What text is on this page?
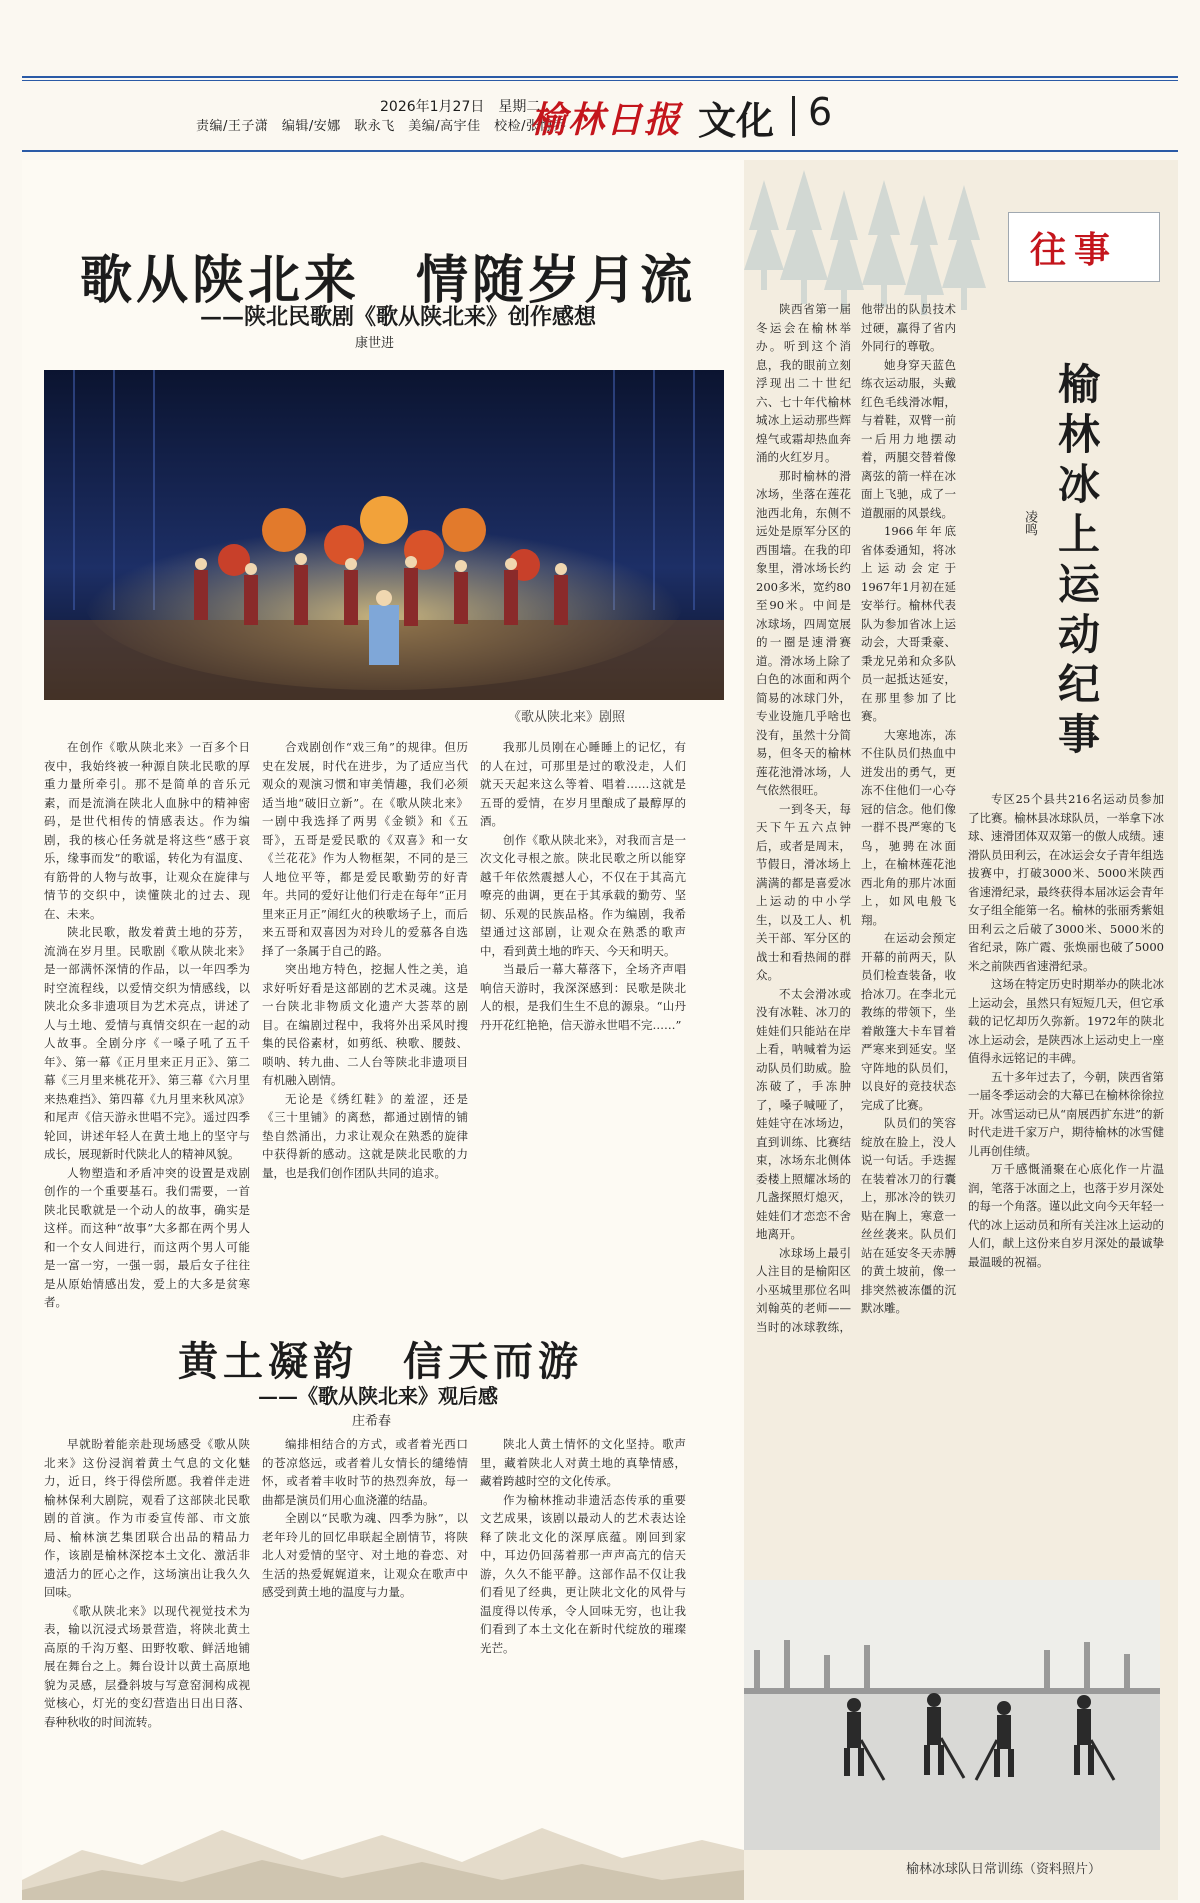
2026年1月27日　星期二
责编/王子潇　编辑/安娜　耿永飞　美编/高宇佳　校检/张博乔
榆林日报 文化 6
歌从陕北来　情随岁月流
——陕北民歌剧《歌从陕北来》创作感想
康世进
《歌从陕北来》剧照

在创作《歌从陕北来》一百多个日夜中，我始终被一种源自陕北民歌的厚重力量所牵引。那不是简单的音乐元素，而是流淌在陕北人血脉中的精神密码，是世代相传的情感表达。作为编剧，我的核心任务就是将这些“感于哀乐，缘事而发”的歌谣，转化为有温度、有筋骨的人物与故事，让观众在旋律与情节的交织中，读懂陕北的过去、现在、未来。

陕北民歌，散发着黄土地的芬芳，流淌在岁月里。民歌剧《歌从陕北来》是一部满怀深情的作品，以一年四季为时空流程线，以爱情交织为情感线，以陕北众多非遗项目为艺术亮点，讲述了人与土地、爱情与真情交织在一起的动人故事。全剧分序《一嗓子吼了五千年》、第一幕《正月里来正月正》、第二幕《三月里来桃花开》、第三幕《六月里来热难挡》、第四幕《九月里来秋风凉》和尾声《信天游永世唱不完》。遥过四季轮回，讲述年轻人在黄土地上的坚守与成长，展现新时代陕北人的精神风貌。

人物塑造和矛盾冲突的设置是戏剧创作的一个重要基石。我们需要，一首陕北民歌就是一个动人的故事，确实是这样。而这种“故事”大多都在两个男人和一个女人间进行，而这两个男人可能是一富一穷，一强一弱，最后女子往往是从原始情感出发，爱上的大多是贫寒者。

合戏剧创作“戏三角”的规律。但历史在发展，时代在进步，为了适应当代观众的观演习惯和审美情趣，我们必须适当地“破旧立新”。在《歌从陕北来》一剧中我选择了两男《金锁》和《五哥》，五哥是爱民歌的《双喜》和一女《兰花花》作为人物框架，不同的是三人地位平等，都是爱民歌勤劳的好青年。共同的爱好让他们行走在每年“正月里来正月正”闹红火的秧歌场子上，而后来五哥和双喜因为对玲儿的爱慕各自选择了一条属于自己的路。

突出地方特色，挖掘人性之美，追求好听好看是这部剧的艺术灵魂。这是一台陕北非物质文化遗产大荟萃的剧目。在编剧过程中，我将外出采风时搜集的民俗素材，如剪纸、秧歌、腰鼓、唢呐、转九曲、二人台等陕北非遗项目有机融入剧情。

无论是《绣红鞋》的羞涩，还是《三十里铺》的离愁，都通过剧情的铺垫自然涌出，力求让观众在熟悉的旋律中获得新的感动。这就是陕北民歌的力量，也是我们创作团队共同的追求。

我那儿员刚在心睡睡上的记忆，有的人在过，可那里是过的歌没走，人们就天天起来这么等着、唱着……这就是五哥的爱情，在岁月里酿成了最醇厚的酒。

创作《歌从陕北来》，对我而言是一次文化寻根之旅。陕北民歌之所以能穿越千年依然震撼人心，不仅在于其高亢嘹亮的曲调，更在于其承载的勤劳、坚韧、乐观的民族品格。作为编剧，我希望通过这部剧，让观众在熟悉的歌声中，看到黄土地的昨天、今天和明天。

当最后一幕大幕落下，全场齐声唱响信天游时，我深深感到：民歌是陕北人的根，是我们生生不息的源泉。“山丹丹开花红艳艳，信天游永世唱不完……”

黄土凝韵　信天而游
——《歌从陕北来》观后感
庄希春

早就盼着能亲赴现场感受《歌从陕北来》这份浸润着黄土气息的文化魅力，近日，终于得偿所愿。我着伴走进榆林保利大剧院，观看了这部陕北民歌剧的首演。作为市委宣传部、市文旅局、榆林演艺集团联合出品的精品力作，该剧是榆林深挖本土文化、激活非遗活力的匠心之作，这场演出让我久久回味。

《歌从陕北来》以现代视觉技术为表，输以沉浸式场景营造，将陕北黄土高原的千沟万壑、田野牧歌、鲜活地铺展在舞台之上。舞台设计以黄土高原地貌为灵感，层叠斜坡与写意窑洞构成视觉核心，灯光的变幻营造出日出日落、春种秋收的时间流转。

编排相结合的方式，或者着光西口的苍凉悠远，或者着儿女情长的缱绻情怀，或者着丰收时节的热烈奔放，每一曲都是演员们用心血浇灌的结晶。

全剧以“民歌为魂、四季为脉”，以老年玲儿的回忆串联起全剧情节，将陕北人对爱情的坚守、对土地的眷恋、对生活的热爱娓娓道来，让观众在歌声中感受到黄土地的温度与力量。

陕北人黄土情怀的文化坚持。歌声里，藏着陕北人对黄土地的真挚情感，藏着跨越时空的文化传承。

作为榆林推动非遗活态传承的重要文艺成果，该剧以最动人的艺术表达诠释了陕北文化的深厚底蕴。刚回到家中，耳边仍回荡着那一声声高亢的信天游，久久不能平静。这部作品不仅让我们看见了经典，更让陕北文化的风骨与温度得以传承，令人回味无穷，也让我们看到了本土文化在新时代绽放的璀璨光芒。

往事
榆林冰上运动纪事
凌鸣

陕西省第一届冬运会在榆林举办。听到这个消息，我的眼前立刻浮现出二十世纪六、七十年代榆林城冰上运动那些辉煌气或霜却热血奔涌的火红岁月。

那时榆林的滑冰场，坐落在莲花池西北角，东侧不远处是原军分区的西围墙。在我的印象里，滑冰场长约200多米，宽约80至90米。中间是冰球场，四周宽展的一圈是速滑赛道。滑冰场上除了白色的冰面和两个简易的冰球门外，专业设施几乎啥也没有，虽然十分简易，但冬天的榆林莲花池滑冰场，人气依然很旺。

一到冬天，每天下午五六点钟后，或者是周末，节假日，滑冰场上满满的都是喜爱冰上运动的中小学生，以及工人、机关干部、军分区的战士和看热闹的群众。

不太会滑冰或没有冰鞋、冰刀的娃娃们只能站在岸上看，呐喊着为运动队员们助威。脸冻破了，手冻肿了，嗓子喊哑了，娃娃守在冰场边，直到训练、比赛结束，冰场东北侧体委楼上照耀冰场的几盏探照灯熄灭，娃娃们才恋恋不舍地离开。

冰球场上最引人注目的是榆阳区小巫城里那位名叫刘翰英的老师——当时的冰球教练，他带出的队员技术过硬，赢得了省内外同行的尊敬。

她身穿天蓝色练衣运动服，头戴红色毛线滑冰帽，与着鞋，双臂一前一后用力地摆动着，两腿交替着像离弦的箭一样在冰面上飞驰，成了一道靓丽的风景线。

1966年年底省体委通知，将冰上运动会定于1967年1月初在延安举行。榆林代表队为参加省冰上运动会，大哥秉豪、秉龙兄弟和众多队员一起抵达延安，在那里参加了比赛。

大寒地冻，冻不住队员们热血中迸发出的勇气，更冻不住他们一心夺冠的信念。他们像一群不畏严寒的飞鸟，驰骋在冰面上，在榆林莲花池西北角的那片冰面上，如风电般飞翔。

在运动会预定开幕的前两天，队员们检查装备，收拾冰刀。在李北元教练的带领下，坐着敞篷大卡车冒着严寒来到延安。坚守阵地的队员们，以良好的竞技状态完成了比赛。

队员们的笑容绽放在脸上，没人说一句话。手迭握在装着冰刀的行囊上，那冰冷的铁刃贴在胸上，寒意一丝丝袭来。队员们站在延安冬天赤膊的黄土坡前，像一排突然被冻僵的沉默冰雕。

专区25个县共216名运动员参加了比赛。榆林县冰球队员，一举拿下冰球、速滑团体双双第一的傲人成绩。速滑队员田利云，在冰运会女子青年组选拔赛中，打破3000米、5000米陕西省速滑纪录，最终获得本届冰运会青年女子组全能第一名。榆林的张丽秀紫姐田利云之后破了3000米、5000米的省纪录，陈广霞、张焕丽也破了5000米之前陕西省速滑纪录。

这场在特定历史时期举办的陕北冰上运动会，虽然只有短短几天，但它承载的记忆却历久弥新。1972年的陕北冰上运动会，是陕西冰上运动史上一座值得永远铭记的丰碑。

五十多年过去了，今朝，陕西省第一届冬季运动会的大幕已在榆林徐徐拉开。冰雪运动已从“南展西扩东进”的新时代走进千家万户，期待榆林的冰雪健儿再创佳绩。

万千感慨涌聚在心底化作一片温润，笔落于冰面之上，也落于岁月深处的每一个角落。谨以此文向今天年轻一代的冰上运动员和所有关注冰上运动的人们，献上这份来自岁月深处的最诚挚最温暖的祝福。

榆林冰球队日常训练（资料照片）
